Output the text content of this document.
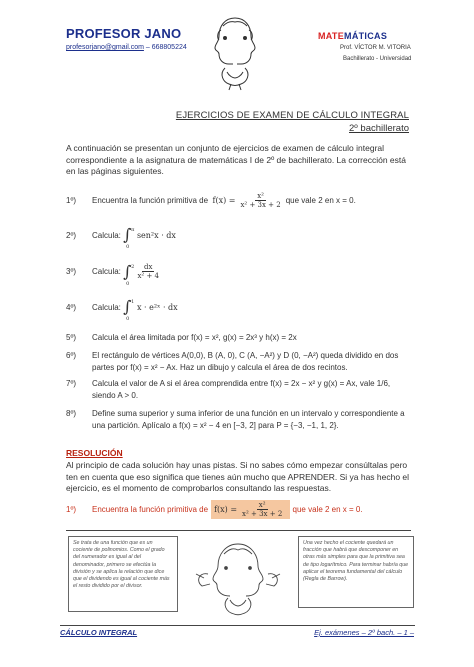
PROFESOR JANO
profesorjano@gmail.com – 668805224
MATEMÁTICAS
Prof. VÍCTOR M. VITORIA
Bachillerato - Universidad
EJERCICIOS DE EXAMEN DE CÁLCULO INTEGRAL
2º bachillerato
A continuación se presentan un conjunto de ejercicios de examen de cálculo integral correspondiente a la asignatura de matemáticas I de 2º de bachillerato. La corrección está en las páginas siguientes.
1º)	Encuentra la función primitiva de
$f(x) = \frac{\text{x²}}{\text{x² + 3x + 2}}$ que vale 2 en x = 0.
2º)	Calcula:
∫ π
0

sen²x · dx
3º)	Calcula:
∫ 2
0
$\frac{dx}{\text{x² + 4}}$
4º)	Calcula:
∫ 1
0

x · e²ˣ · dx
5º)	Calcula el área limitada por f(x) = x², g(x) = 2x³ y h(x) = 2x
6º)	El rectángulo de vértices A(0,0), B (A, 0), C (A, −A²) y D (0, −A²) queda dividido en dos partes por f(x) = x² − Ax. Haz un dibujo y calcula el área de dos recintos.
7º)	Calcula el valor de A si el área comprendida entre f(x) = 2x − x² y g(x) = Ax, vale 1/6, siendo A > 0.
8º)	Define suma superior y suma inferior de una función en un intervalo y correspondiente a una partición. Aplícalo a f(x) = x² − 4 en [−3, 2] para P = {−3, −1, 1, 2}.
RESOLUCIÓN
Al principio de cada solución hay unas pistas. Si no sabes cómo empezar consúltalas pero ten en cuenta que eso significa que tienes aún mucho que APRENDER. Si ya has hecho el ejercicio, es el momento de comprobarlos consultando las respuestas.
1º)	Encuentra la función primitiva de $f(x) = \frac{\text{x²}}{\text{x² + 3x + 2}}$
que vale 2 en x = 0.
Se trata de una función que es un cociente de polinomios. Como el grado del numerador es igual al del denominador, primero se efectúa la división y se aplica la relación que dice que el dividendo es igual al cociente más el resto dividido por el divisor.
Una vez hecho el cociente quedará un fracción que habrá que descomponer en otras más simples para que la primitiva sea de tipo logarítmico. Para terminar habría que aplicar el teorema fundamental del cálculo (Regla de Barrow).
CÁLCULO INTEGRAL	Ej. exámenes – 2º bach. – 1 –
